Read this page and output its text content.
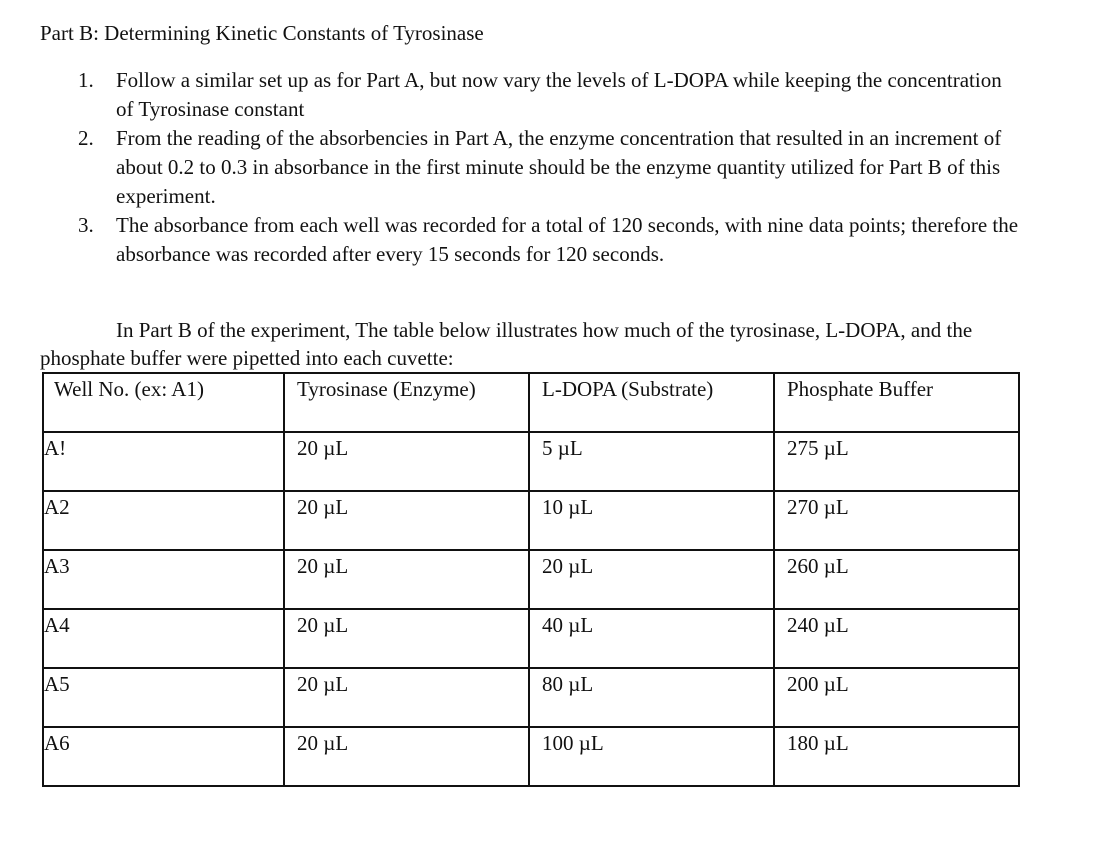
Part B: Determining Kinetic Constants of Tyrosinase
1. Follow a similar set up as for Part A, but now vary the levels of L-DOPA while keeping the concentration of Tyrosinase constant
2. From the reading of the absorbencies in Part A, the enzyme concentration that resulted in an increment of about 0.2 to 0.3 in absorbance in the first minute should be the enzyme quantity utilized for Part B of this experiment.
3. The absorbance from each well was recorded for a total of 120 seconds, with nine data points; therefore the absorbance was recorded after every 15 seconds for 120 seconds.
In Part B of the experiment, The table below illustrates how much of the tyrosinase, L-DOPA, and the phosphate buffer were pipetted into each cuvette:
Well No. (ex: A1)	Tyrosinase (Enzyme)	L-DOPA (Substrate)	Phosphate Buffer
A!	20 µL	5 µL	275 µL
A2	20 µL	10 µL	270 µL
A3	20 µL	20 µL	260 µL
A4	20 µL	40 µL	240 µL
A5	20 µL	80 µL	200 µL
A6	20 µL	100 µL	180 µL
